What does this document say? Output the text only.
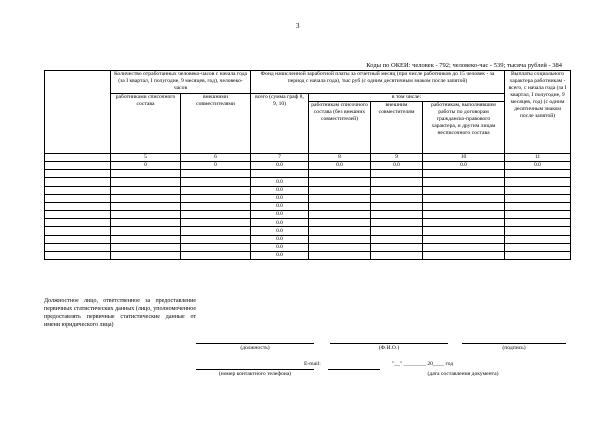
3
Коды по ОКЕИ: человек - 792; человеко-час - 539; тысяча рублей - 384
	Количество отработанных человеко-часов с начала года (за I квартал, I полугодие, 9 месяцев, год), человеко-часов		Фонд начисленной заработной платы за отчетный месяц (при числе работников до 15 человек - за период с начала года), тыс руб (с одним десятичным знаком после запятой)				Выплаты социального характера работникам - всего, с начала года (за I квартал, I полугодие, 9 месяцев, год) (с одним десятичным знаком после запятой)
	работниками списочного состава	внешними совместителями	всего (сумма граф 8, 9, 10)	в том числе:			
				работникам списочного состава (без внешних совместителей)	внешним совместителям	работникам, выполнявшим работы по договорам гражданско-правового характера, и другим лицам несписочного состава	
	5	6	7	8	9	10	11
	0	0	0.0	0.0	0.0	0.0	0.0

			0.0				
			0.0				
			0.0				
			0.0				
			0.0				
			0.0				
			0.0				
			0.0				
			0.0				
			0.0				
Должностное лицо, ответственное за предоставление первичных статистических данных (лицо, уполномоченное предоставлять первичные статистические данные от имени юридического лица)
(должность)	(Ф.И.О.)	(подпись)
E-mail:	"__" ________ 20____ год
(номер контактного телефона)	(дата составления документа)
